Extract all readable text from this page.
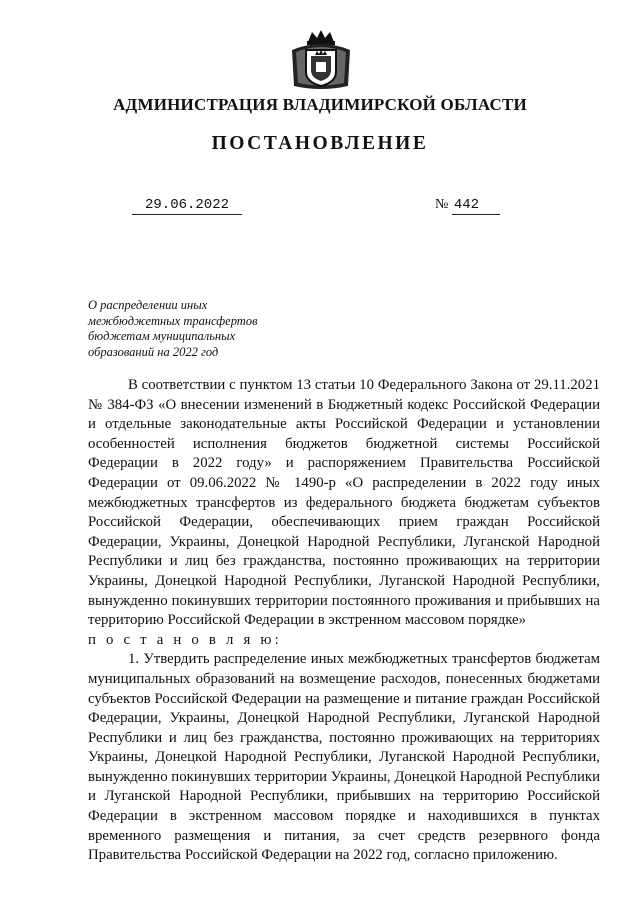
АДМИНИСТРАЦИЯ ВЛАДИМИРСКОЙ ОБЛАСТИ
ПОСТАНОВЛЕНИЕ
29.06.2022	№ 442
О распределении иных межбюджетных трансфертов бюджетам муниципальных образований на 2022 год

В соответствии с пунктом 13 статьи 10 Федерального Закона от 29.11.2021 № 384-ФЗ «О внесении изменений в Бюджетный кодекс Российской Федерации и отдельные законодательные акты Российской Федерации и установлении особенностей исполнения бюджетов бюджетной системы Российской Федерации в 2022 году» и распоряжением Правительства Российской Федерации от 09.06.2022 № 1490-р «О распределении в 2022 году иных межбюджетных трансфертов из федерального бюджета бюджетам субъектов Российской Федерации, обеспечивающих прием граждан Российской Федерации, Украины, Донецкой Народной Республики, Луганской Народной Республики и лиц без гражданства, постоянно проживающих на территории Украины, Донецкой Народной Республики, Луганской Народной Республики, вынужденно покинувших территории постоянного проживания и прибывших на территорию Российской Федерации в экстренном массовом порядке»

п о с т а н о в л я ю:

1. Утвердить распределение иных межбюджетных трансфертов бюджетам муниципальных образований на возмещение расходов, понесенных бюджетами субъектов Российской Федерации на размещение и питание граждан Российской Федерации, Украины, Донецкой Народной Республики, Луганской Народной Республики и лиц без гражданства, постоянно проживающих на территориях Украины, Донецкой Народной Республики, Луганской Народной Республики, вынужденно покинувших территории Украины, Донецкой Народной Республики и Луганской Народной Республики, прибывших на территорию Российской Федерации в экстренном массовом порядке и находившихся в пунктах временного размещения и питания, за счет средств резервного фонда Правительства Российской Федерации на 2022 год, согласно приложению.
